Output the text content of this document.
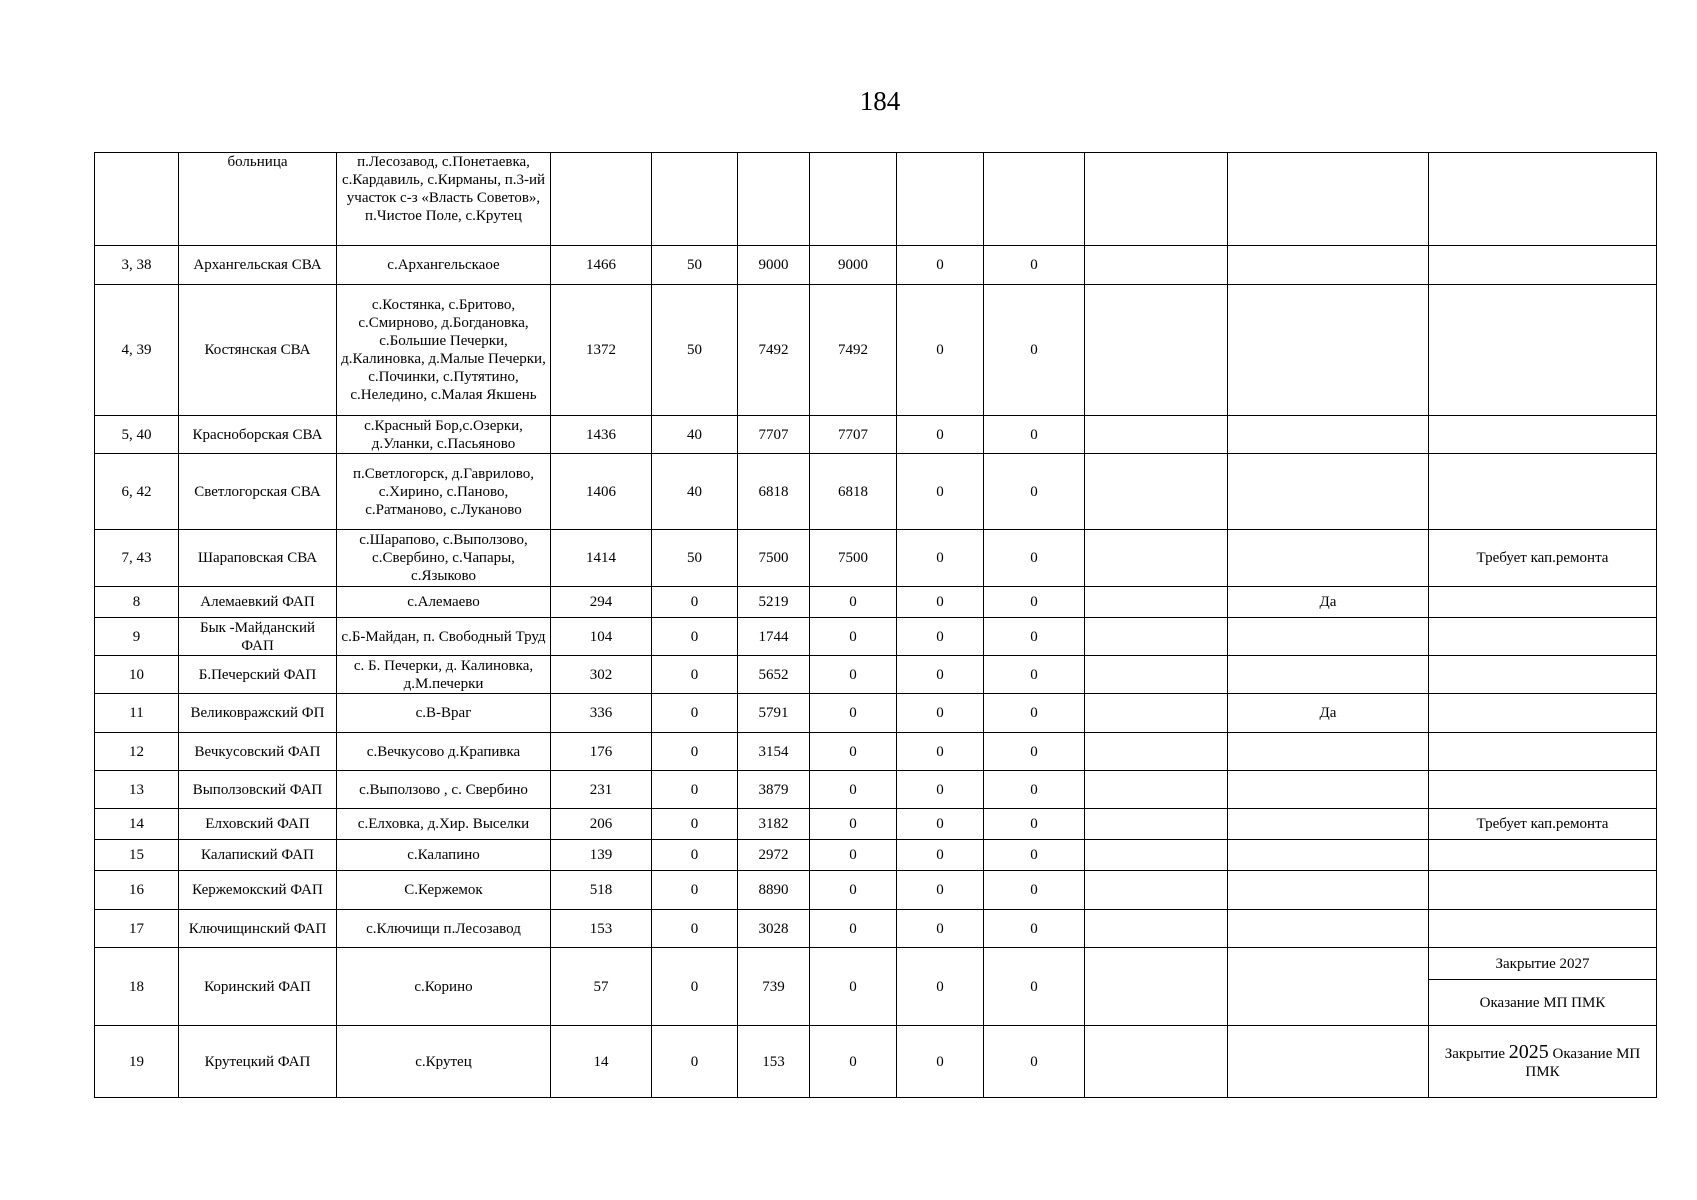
184
	больница	п.Лесозавод, с.Понетаевка, с.Кардавиль, с.Кирманы, п.3-ий участок с-з «Власть Советов», п.Чистое Поле, с.Крутец									
3, 38	Архангельская СВА	с.Архангельскаое	1466	50	9000	9000	0	0			
4, 39	Костянская СВА	с.Костянка, с.Бритово, с.Смирново, д.Богдановка, с.Большие Печерки, д.Калиновка, д.Малые Печерки, с.Починки, с.Путятино, с.Неледино, с.Малая Якшень	1372	50	7492	7492	0	0			
5, 40	Красноборская СВА	с.Красный Бор,с.Озерки, д.Уланки, с.Пасьяново	1436	40	7707	7707	0	0			
6, 42	Светлогорская СВА	п.Светлогорск, д.Гаврилово, с.Хирино, с.Паново, с.Ратманово, с.Луканово	1406	40	6818	6818	0	0			
7, 43	Шараповская СВА	с.Шарапово, с.Выползово, с.Свербино, с.Чапары, с.Языково	1414	50	7500	7500	0	0			Требует кап.ремонта
8	Алемаевкий ФАП	с.Алемаево	294	0	5219	0	0	0		Да	
9	Бык -Майданский ФАП	с.Б-Майдан, п. Свободный Труд	104	0	1744	0	0	0			
10	Б.Печерский ФАП	с. Б. Печерки, д. Калиновка, д.М.печерки	302	0	5652	0	0	0			
11	Великовражский ФП	с.В-Враг	336	0	5791	0	0	0		Да	
12	Вечкусовский ФАП	с.Вечкусово д.Крапивка	176	0	3154	0	0	0			
13	Выползовский ФАП	с.Выползово , с. Свербино	231	0	3879	0	0	0			
14	Елховский ФАП	с.Елховка, д.Хир. Выселки	206	0	3182	0	0	0			Требует кап.ремонта
15	Калапиский ФАП	с.Калапино	139	0	2972	0	0	0			
16	Кержемокский ФАП	С.Кержемок	518	0	8890	0	0	0			
17	Ключищинский ФАП	с.Ключищи п.Лесозавод	153	0	3028	0	0	0			
18	Коринский ФАП	с.Корино	57	0	739	0	0	0			Закрытие 2027
Оказание МП ПМК

19	Крутецкий ФАП	с.Крутец	14	0	153	0	0	0			Закрытие 2025 Оказание МП ПМК
